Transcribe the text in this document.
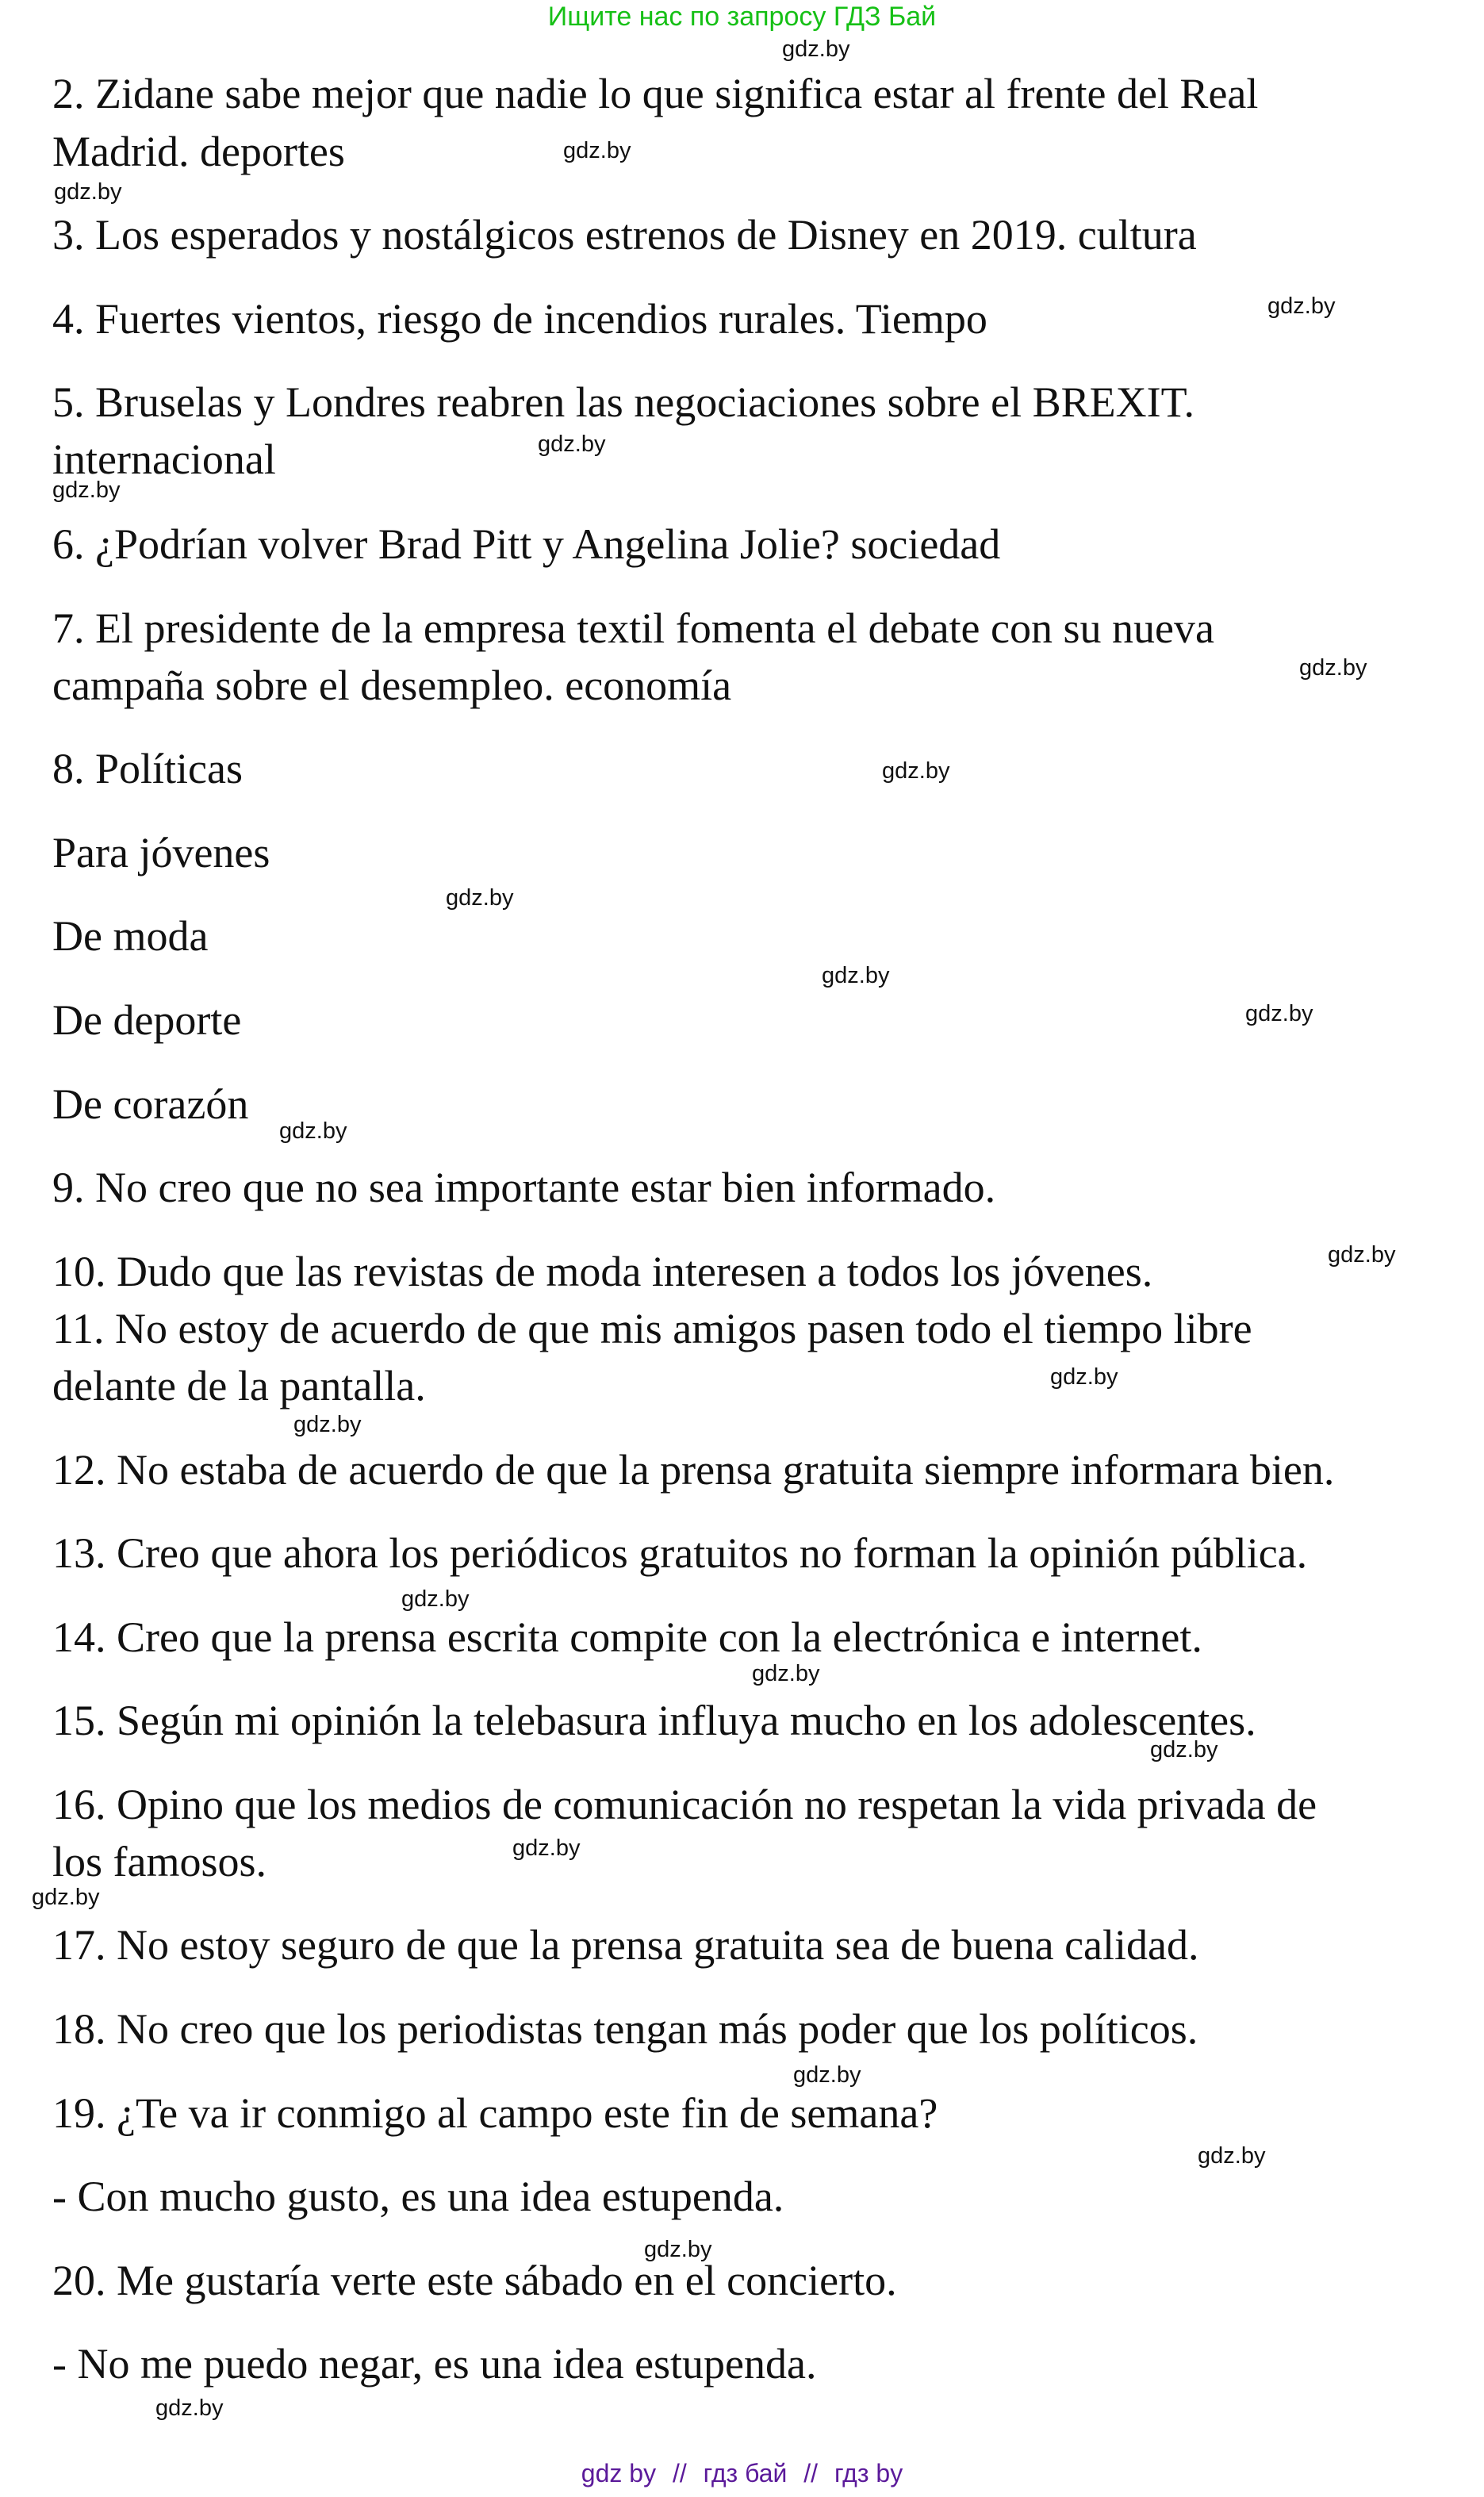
Ищите нас по запросу ГДЗ Бай
2. Zidane sabe mejor que nadie lo que significa estar al frente del Real
Madrid. deportes
3. Los esperados y nostálgicos estrenos de Disney en 2019. cultura
4. Fuertes vientos, riesgo de incendios rurales. Tiempo
5. Bruselas y Londres reabren las negociaciones sobre el BREXIT.
internacional
6. ¿Podrían volver Brad Pitt y Angelina Jolie? sociedad
7. El presidente de la empresa textil fomenta el debate con su nueva
campaña sobre el desempleo. economía
8. Políticas
Para jóvenes
De moda
De deporte
De corazón
9. No creo que no sea importante estar bien informado.
10. Dudo que las revistas de moda interesen a todos los jóvenes.
11. No estoy de acuerdo de que mis amigos pasen todo el tiempo libre
delante de la pantalla.
12. No estaba de acuerdo de que la prensa gratuita siempre informara bien.
13. Creo que ahora los periódicos gratuitos no forman la opinión pública.
14. Creo que la prensa escrita compite con la electrónica e internet.
15. Según mi opinión la telebasura influya mucho en los adolescentes.
16. Opino que los medios de comunicación no respetan la vida privada de
los famosos.
17. No estoy seguro de que la prensa gratuita sea de buena calidad.
18. No creo que los periodistas tengan más poder que los políticos.
19. ¿Te va ir conmigo al campo este fin de semana?
- Con mucho gusto, es una idea estupenda.
20. Me gustaría verte este sábado en el concierto.
- No me puedo negar, es una idea estupenda.
gdz.by
gdz.by
gdz.by
gdz.by
gdz.by
gdz.by
gdz.by
gdz.by
gdz.by
gdz.by
gdz.by
gdz.by
gdz.by
gdz.by
gdz.by
gdz.by
gdz.by
gdz.by
gdz.by
gdz.by
gdz.by
gdz.by
gdz.by
gdz.by
gdz by // гдз бай // гдз by
